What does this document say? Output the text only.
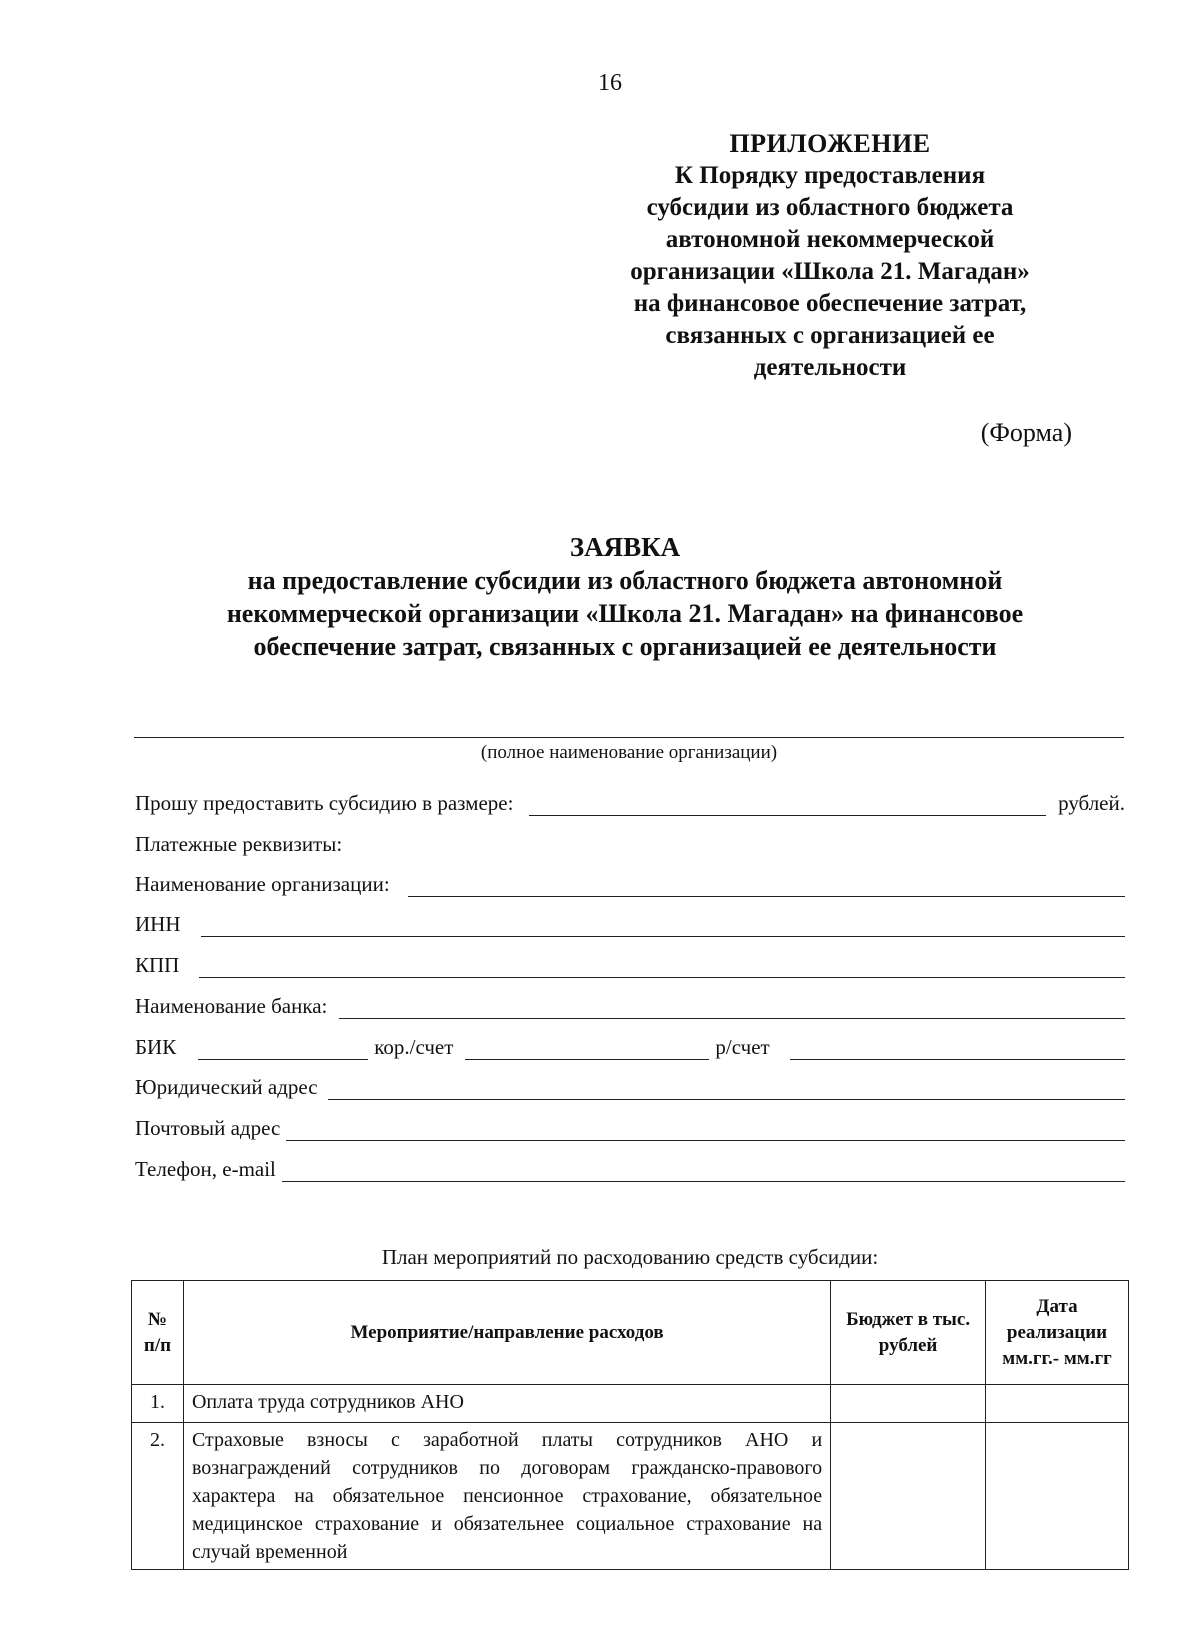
16
ПРИЛОЖЕНИЕ
К Порядку предоставления
субсидии из областного бюджета
автономной некоммерческой
организации «Школа 21. Магадан»
на финансовое обеспечение затрат,
связанных с организацией ее
деятельности
(Форма)
ЗАЯВКА
на предоставление субсидии из областного бюджета автономной
некоммерческой организации «Школа 21. Магадан» на финансовое
обеспечение затрат, связанных с организацией ее деятельности
(полное наименование организации)
Прошу предоставить субсидию в размере:	рублей.
Платежные реквизиты:
Наименование организации:
ИНН
КПП
Наименование банка:
БИК	кор./счет	р/счет
Юридический адрес
Почтовый адрес
Телефон, e-mail
План мероприятий по расходованию средств субсидии:
№ п/п	Мероприятие/направление расходов	Бюджет в тыс. рублей	Дата реализации мм.гг.- мм.гг
1.	Оплата труда сотрудников АНО		
2.	Страховые взносы с заработной платы сотрудников АНО и вознаграждений сотрудников по договорам гражданско-правового характера на обязательное пенсионное страхование, обязательное медицинское страхование и обязательнее социальное страхование на случай временной		
